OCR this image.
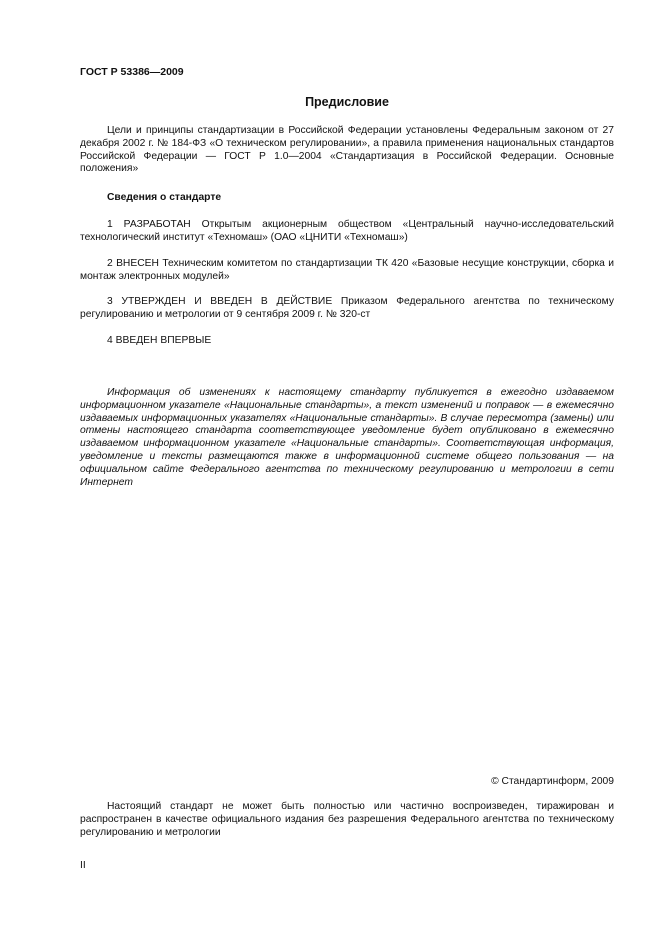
ГОСТ Р 53386—2009
Предисловие

Цели и принципы стандартизации в Российской Федерации установлены Федеральным законом от 27 декабря 2002 г. № 184-ФЗ «О техническом регулировании», а правила применения национальных стандартов Российской Федерации — ГОСТ Р 1.0—2004 «Стандартизация в Российской Федерации. Основные положения»

Сведения о стандарте

1 РАЗРАБОТАН Открытым акционерным обществом «Центральный научно-исследовательский технологический институт «Техномаш» (ОАО «ЦНИТИ «Техномаш»)

2 ВНЕСЕН Техническим комитетом по стандартизации ТК 420 «Базовые несущие конструкции, сборка и монтаж электронных модулей»

3 УТВЕРЖДЕН И ВВЕДЕН В ДЕЙСТВИЕ Приказом Федерального агентства по техническому регулированию и метрологии от 9 сентября 2009 г. № 320-ст

4 ВВЕДЕН ВПЕРВЫЕ

Информация об изменениях к настоящему стандарту публикуется в ежегодно издаваемом информационном указателе «Национальные стандарты», а текст изменений и поправок — в ежемесячно издаваемых информационных указателях «Национальные стандарты». В случае пересмотра (замены) или отмены настоящего стандарта соответствующее уведомление будет опубликовано в ежемесячно издаваемом информационном указателе «Национальные стандарты». Соответствующая информация, уведомление и тексты размещаются также в информационной системе общего пользования — на официальном сайте Федерального агентства по техническому регулированию и метрологии в сети Интернет

© Стандартинформ, 2009

Настоящий стандарт не может быть полностью или частично воспроизведен, тиражирован и распространен в качестве официального издания без разрешения Федерального агентства по техническому регулированию и метрологии

II
